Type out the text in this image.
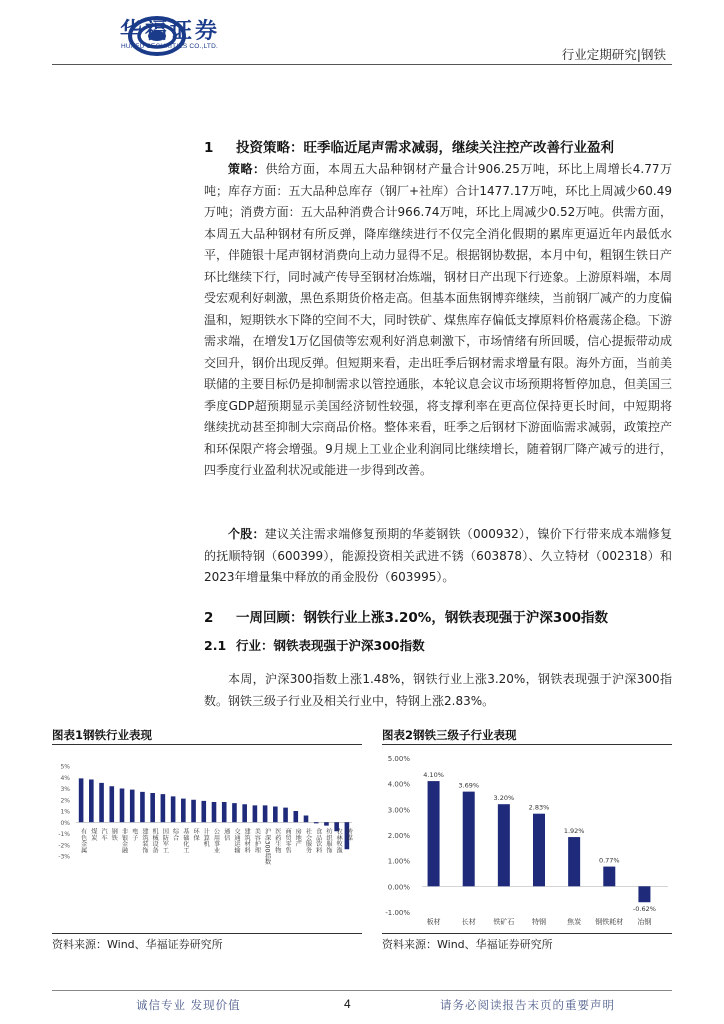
华福证券
HUAFU SECURITIES CO.,LTD.
行业定期研究|钢铁
1 投资策略：旺季临近尾声需求减弱，继续关注控产改善行业盈利

策略：供给方面，本周五大品种钢材产量合计906.25万吨，环比上周增长4.77万吨；库存方面：五大品种总库存（钢厂+社库）合计1477.17万吨，环比上周减少60.49万吨；消费方面：五大品种消费合计966.74万吨，环比上周减少0.52万吨。供需方面，本周五大品种钢材有所反弹，降库继续进行不仅完全消化假期的累库更逼近年内最低水平，伴随银十尾声钢材消费向上动力显得不足。根据钢协数据，本月中旬，粗钢生铁日产环比继续下行，同时减产传导至钢材冶炼端，钢材日产出现下行迹象。上游原料端，本周受宏观利好刺激，黑色系期货价格走高。但基本面焦钢博弈继续，当前钢厂减产的力度偏温和，短期铁水下降的空间不大，同时铁矿、煤焦库存偏低支撑原料价格震荡企稳。下游需求端，在增发1万亿国债等宏观利好消息刺激下，市场情绪有所回暖，信心提振带动成交回升，钢价出现反弹。但短期来看，走出旺季后钢材需求增量有限。海外方面，当前美联储的主要目标仍是抑制需求以管控通胀，本轮议息会议市场预期将暂停加息，但美国三季度GDP超预期显示美国经济韧性较强，将支撑利率在更高位保持更长时间，中短期将继续扰动甚至抑制大宗商品价格。整体来看，旺季之后钢材下游面临需求减弱，政策控产和环保限产将会增强。9月规上工业企业利润同比继续增长，随着钢厂降产减亏的进行，四季度行业盈利状况或能进一步得到改善。

个股：建议关注需求端修复预期的华菱钢铁（000932），镍价下行带来成本端修复的抚顺特钢（600399），能源投资相关武进不锈（603878）、久立特材（002318）和2023年增量集中释放的甬金股份（603995）。

2 一周回顾：钢铁行业上涨3.20%，钢铁表现强于沪深300指数
2.1 行业：钢铁表现强于沪深300指数

本周，沪深300指数上涨1.48%，钢铁行业上涨3.20%，钢铁表现强于沪深300指数。钢铁三级子行业及相关行业中，特钢上涨2.83%。

图表1钢铁行业表现	图表2钢铁三级子行业表现
5%
4%
3%
2%
1%
0%
-1%
-2%
-3%
有色金属 煤炭 汽车 钢铁 非银金融 电子 建筑装饰 机械设备 国防军工 综合 基础化工 环保 计算机 公用事业 通信 交通运输 建筑材料 美容护理 沪深300指数 医药生物 商贸零售 房地产 社会服务 食品饮料 纺织服饰 农林牧渔 传媒
5.00%
4.00%
3.00%
2.00%
1.00%
0.00%
-1.00%
4.10%
板材
3.69%
长材
3.20%
铁矿石
2.83%
特钢
1.92%
焦炭
0.77%
钢铁耗材
-0.62%
冶钢
资料来源：Wind、华福证券研究所	资料来源：Wind、华福证券研究所
诚信专业 发现价值	4	请务必阅读报告末页的重要声明
